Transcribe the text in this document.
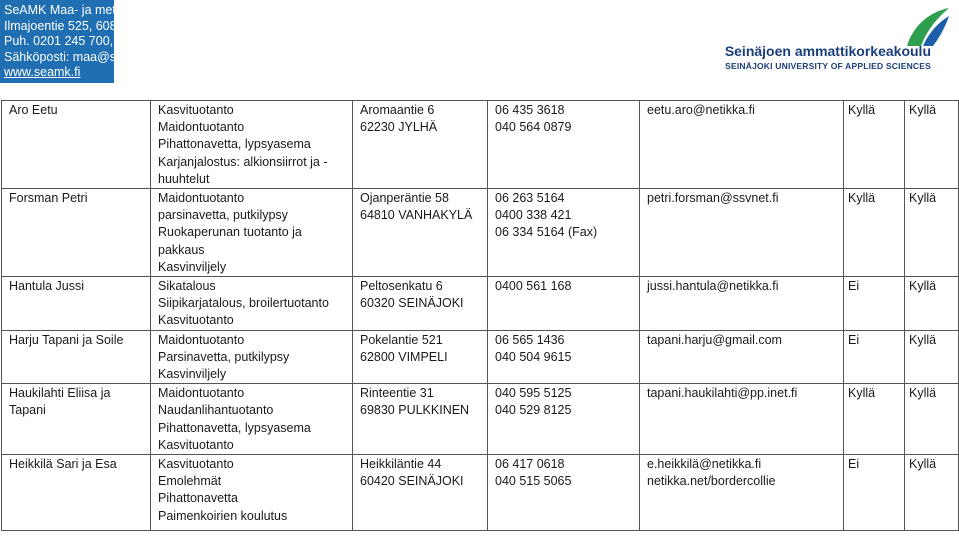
SeAMK Maa- ja metsätalous
Ilmajoentie 525, 60800 ILMAJOKI
Puh. 0201 245 700, Fax 0201 245 701
Sähköposti: maa@seamk.fi
www.seamk.fi
Seinäjoen ammattikorkeakoulu
SEINÄJOKI UNIVERSITY OF APPLIED SCIENCES
Aro Eetu	Kasvituotanto
Maidontuotanto
Pihattonavetta, lypsyasema
Karjanjalostus: alkionsiirrot ja -
huuhtelut	Aromaantie 6
62230 JYLHÄ	06 435 3618
040 564 0879	eetu.aro@netikka.fi	Kyllä	Kyllä

Forsman Petri	Maidontuotanto
parsinavetta, putkilypsy
Ruokaperunan tuotanto ja
pakkaus
Kasvinviljely	Ojanperäntie 58
64810 VANHAKYLÄ	06 263 5164
0400 338 421
06 334 5164 (Fax)	petri.forsman@ssvnet.fi	Kyllä	Kyllä

Hantula Jussi	Sikatalous
Siipikarjatalous, broilertuotanto
Kasvituotanto	Peltosenkatu 6
60320 SEINÄJOKI	0400 561 168	jussi.hantula@netikka.fi	Ei	Kyllä

Harju Tapani ja Soile	Maidontuotanto
Parsinavetta, putkilypsy
Kasvinviljely	Pokelantie 521
62800 VIMPELI	06 565 1436
040 504 9615	tapani.harju@gmail.com	Ei	Kyllä

Haukilahti Eliisa ja
Tapani	Maidontuotanto
Naudanlihantuotanto
Pihattonavetta, lypsyasema
Kasvituotanto	Rinteentie 31
69830 PULKKINEN	040 595 5125
040 529 8125	tapani.haukilahti@pp.inet.fi	Kyllä	Kyllä

Heikkilä Sari ja Esa	Kasvituotanto
Emolehmät
Pihattonavetta
Paimenkoirien koulutus	Heikkiläntie 44
60420 SEINÄJOKI	06 417 0618
040 515 5065	e.heikkilä@netikka.fi
netikka.net/bordercollie	Ei	Kyllä
